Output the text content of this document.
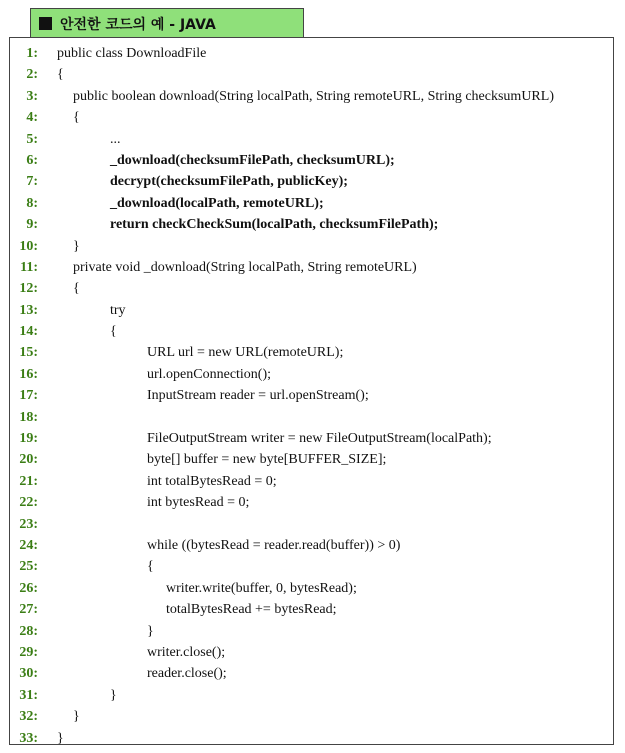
안전한 코드의 예 - JAVA
1: public class DownloadFile
2: {
3:	public boolean download(String localPath, String remoteURL, String checksumURL)
4:	{
5:	...
6:	_download(checksumFilePath, checksumURL);
7:	decrypt(checksumFilePath, publicKey);
8:	_download(localPath, remoteURL);
9:	return checkCheckSum(localPath, checksumFilePath);
10:	}
11:	private void _download(String localPath, String remoteURL)
12:	{
13:	try
14:	{
15:	URL url = new URL(remoteURL);
16:	url.openConnection();
17:	InputStream reader = url.openStream();
18:
19:	FileOutputStream writer = new FileOutputStream(localPath);
20:	byte[] buffer = new byte[BUFFER_SIZE];
21:	int totalBytesRead = 0;
22:	int bytesRead = 0;
23:
24:	while ((bytesRead = reader.read(buffer)) > 0)
25:	{
26:	writer.write(buffer, 0, bytesRead);
27:	totalBytesRead += bytesRead;
28:	}
29:	writer.close();
30:	reader.close();
31:	}
32:	}
33: }
